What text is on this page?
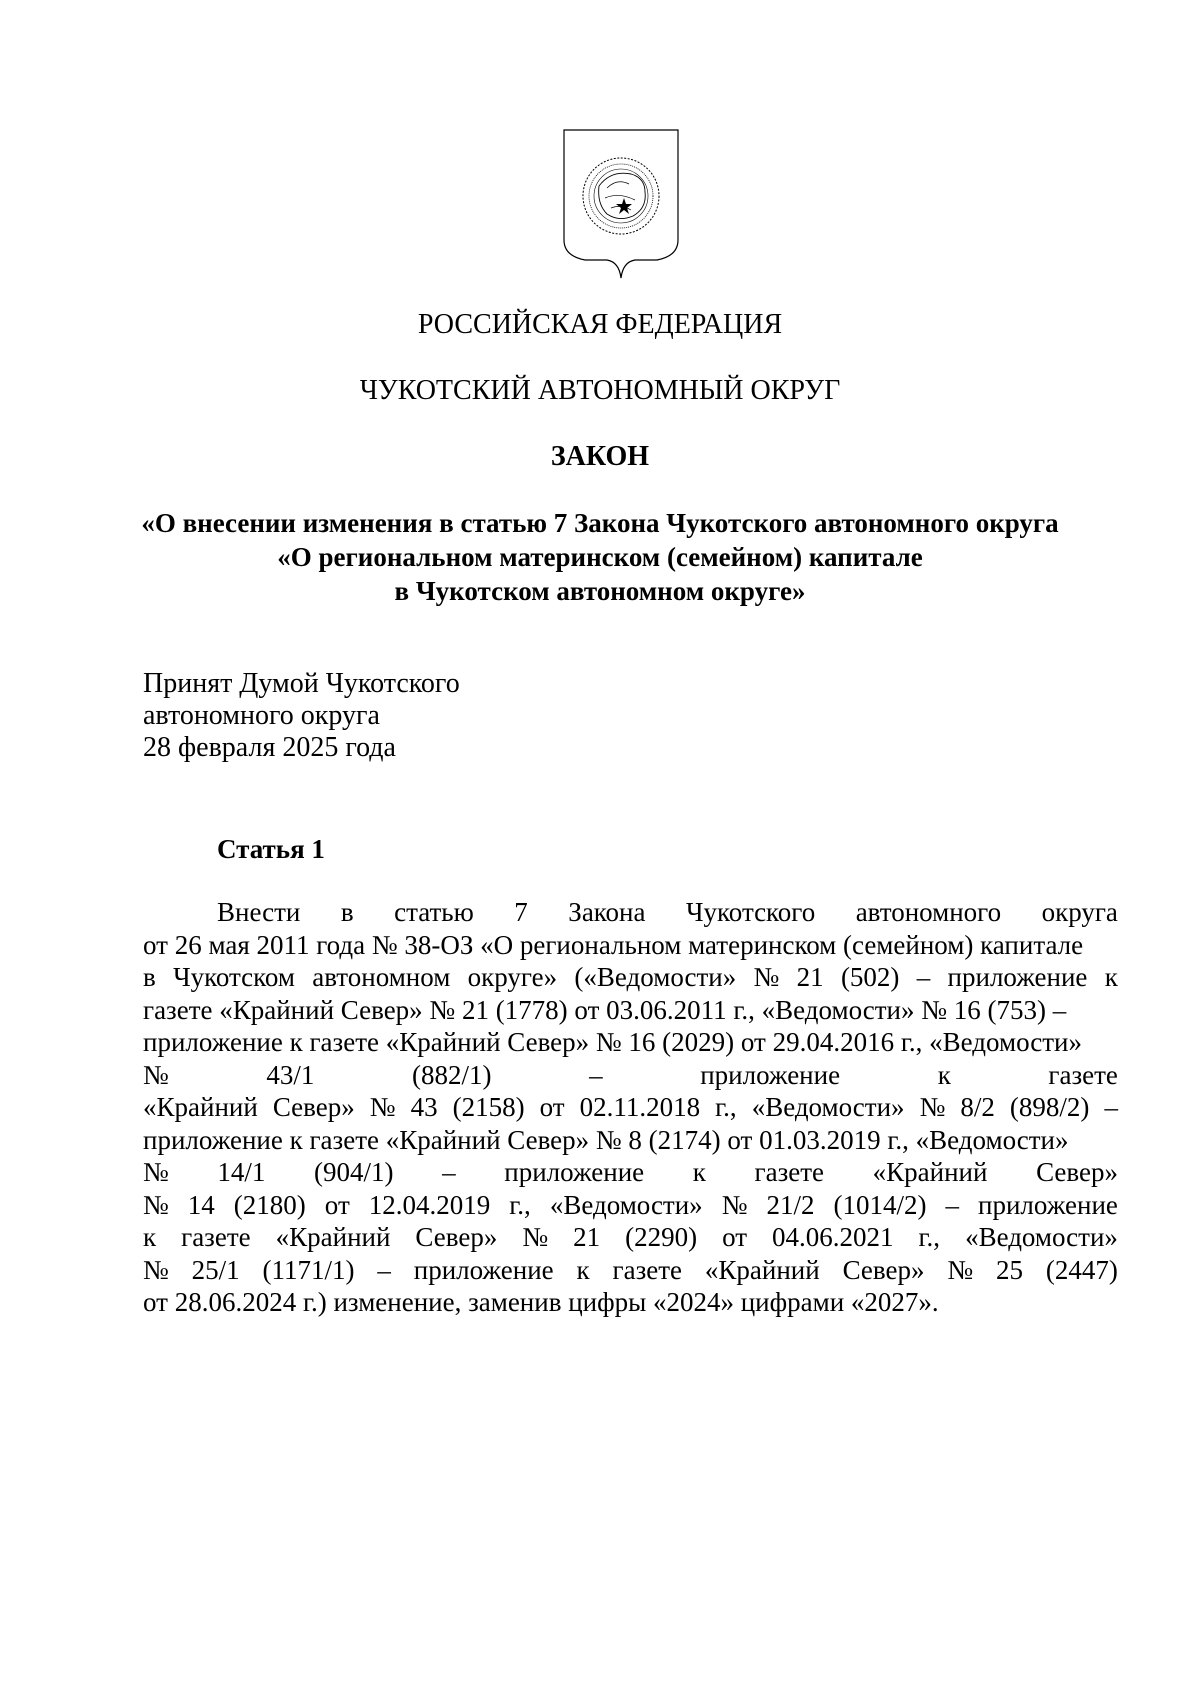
РОССИЙСКАЯ ФЕДЕРАЦИЯ
ЧУКОТСКИЙ АВТОНОМНЫЙ ОКРУГ
ЗАКОН
«О внесении изменения в статью 7 Закона Чукотского автономного округа
«О региональном материнском (семейном) капитале
в Чукотском автономном округе»
Принят Думой Чукотского
автономного округа
28 февраля 2025 года
Статья 1
Внести в статью 7 Закона Чукотского автономного округа
от 26 мая 2011 года № 38-ОЗ «О региональном материнском (семейном) капитале
в Чукотском автономном округе» («Ведомости» № 21 (502) – приложение к
газете «Крайний Север» № 21 (1778) от 03.06.2011 г., «Ведомости» № 16 (753) –
приложение к газете «Крайний Север» № 16 (2029) от 29.04.2016 г., «Ведомости»
№	43/1	(882/1)	–	приложение	к	газете
«Крайний Север» № 43 (2158) от 02.11.2018 г., «Ведомости» № 8/2 (898/2) –
приложение к газете «Крайний Север» № 8 (2174) от 01.03.2019 г., «Ведомости»
№ 14/1 (904/1) – приложение к газете «Крайний Север»
№ 14 (2180) от 12.04.2019 г., «Ведомости» № 21/2 (1014/2) – приложение
к газете «Крайний Север» № 21 (2290) от 04.06.2021 г., «Ведомости»
№ 25/1 (1171/1) – приложение к газете «Крайний Север» № 25 (2447)
от 28.06.2024 г.) изменение, заменив цифры «2024» цифрами «2027».
